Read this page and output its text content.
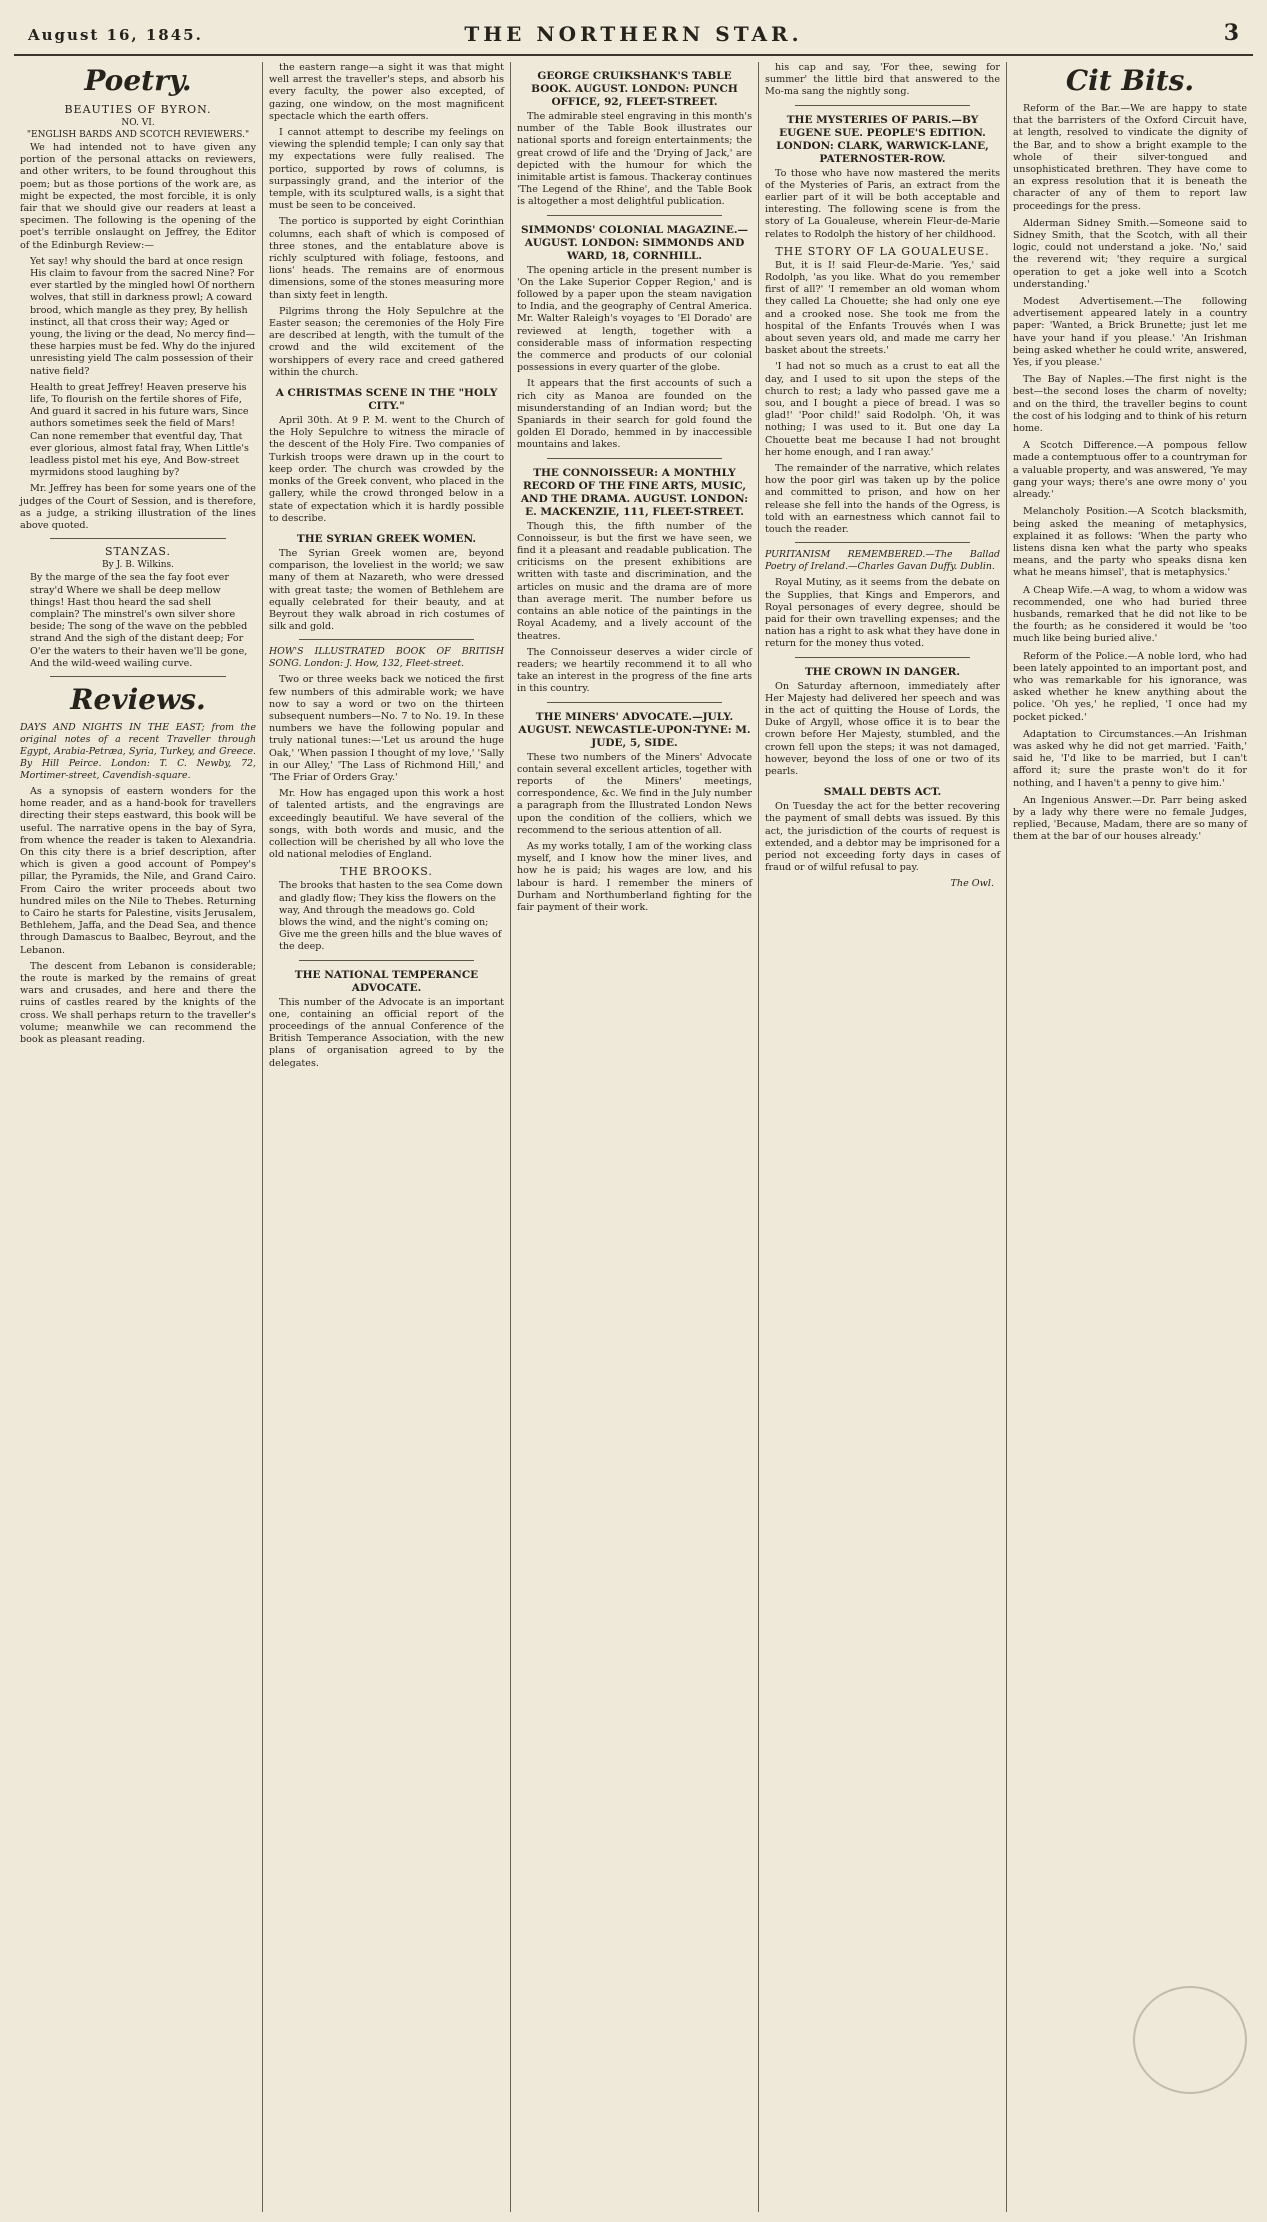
August 16, 1845.	THE NORTHERN STAR.	3
Poetry.
BEAUTIES OF BYRON.
NO. VI.
"ENGLISH BARDS AND SCOTCH REVIEWERS."

We had intended not to have given any portion of the personal attacks on reviewers, and other writers, to be found throughout this poem; but as those portions of the work are, as might be expected, the most forcible, it is only fair that we should give our readers at least a specimen. The following is the opening of the poet's terrible onslaught on Jeffrey, the Editor of the Edinburgh Review:—

Yet say! why should the bard at once resign His claim to favour from the sacred Nine? For ever startled by the mingled howl Of northern wolves, that still in darkness prowl; A coward brood, which mangle as they prey, By hellish instinct, all that cross their way; Aged or young, the living or the dead, No mercy find—these harpies must be fed. Why do the injured unresisting yield The calm possession of their native field?

Health to great Jeffrey! Heaven preserve his life, To flourish on the fertile shores of Fife, And guard it sacred in his future wars, Since authors sometimes seek the field of Mars! Can none remember that eventful day, That ever glorious, almost fatal fray, When Little's leadless pistol met his eye, And Bow-street myrmidons stood laughing by?

Mr. Jeffrey has been for some years one of the judges of the Court of Session, and is therefore, as a judge, a striking illustration of the lines above quoted.

STANZAS.
By J. B. Wilkins.

By the marge of the sea the fay foot ever stray'd Where we shall be deep mellow things! Hast thou heard the sad shell complain? The minstrel's own silver shore beside; The song of the wave on the pebbled strand And the sigh of the distant deep; For O'er the waters to their haven we'll be gone, And the wild-weed wailing curve.

Reviews.

DAYS AND NIGHTS IN THE EAST; from the original notes of a recent Traveller through Egypt, Arabia-Petræa, Syria, Turkey, and Greece. By Hill Peirce. London: T. C. Newby, 72, Mortimer-street, Cavendish-square.

As a synopsis of eastern wonders for the home reader, and as a hand-book for travellers directing their steps eastward, this book will be useful. The narrative opens in the bay of Syra, from whence the reader is taken to Alexandria. On this city there is a brief description, after which is given a good account of Pompey's pillar, the Pyramids, the Nile, and Grand Cairo. From Cairo the writer proceeds about two hundred miles on the Nile to Thebes. Returning to Cairo he starts for Palestine, visits Jerusalem, Bethlehem, Jaffa, and the Dead Sea, and thence through Damascus to Baalbec, Beyrout, and the Lebanon.

The descent from Lebanon is considerable; the route is marked by the remains of great wars and crusades, and here and there the ruins of castles reared by the knights of the cross. We shall perhaps return to the traveller's volume; meanwhile we can recommend the book as pleasant reading.

the eastern range—a sight it was that might well arrest the traveller's steps, and absorb his every faculty, the power also excepted, of gazing, one window, on the most magnificent spectacle which the earth offers.

I cannot attempt to describe my feelings on viewing the splendid temple; I can only say that my expectations were fully realised. The portico, supported by rows of columns, is surpassingly grand, and the interior of the temple, with its sculptured walls, is a sight that must be seen to be conceived.

The portico is supported by eight Corinthian columns, each shaft of which is composed of three stones, and the entablature above is richly sculptured with foliage, festoons, and lions' heads. The remains are of enormous dimensions, some of the stones measuring more than sixty feet in length.

Pilgrims throng the Holy Sepulchre at the Easter season; the ceremonies of the Holy Fire are described at length, with the tumult of the crowd and the wild excitement of the worshippers of every race and creed gathered within the church.

A CHRISTMAS SCENE IN THE "HOLY CITY."

April 30th. At 9 P. M. went to the Church of the Holy Sepulchre to witness the miracle of the descent of the Holy Fire. Two companies of Turkish troops were drawn up in the court to keep order. The church was crowded by the monks of the Greek convent, who placed in the gallery, while the crowd thronged below in a state of expectation which it is hardly possible to describe.

THE SYRIAN GREEK WOMEN.

The Syrian Greek women are, beyond comparison, the loveliest in the world; we saw many of them at Nazareth, who were dressed with great taste; the women of Bethlehem are equally celebrated for their beauty, and at Beyrout they walk abroad in rich costumes of silk and gold.

HOW'S ILLUSTRATED BOOK OF BRITISH SONG. London: J. How, 132, Fleet-street.

Two or three weeks back we noticed the first few numbers of this admirable work; we have now to say a word or two on the thirteen subsequent numbers—No. 7 to No. 19. In these numbers we have the following popular and truly national tunes:—'Let us around the huge Oak,' 'When passion I thought of my love,' 'Sally in our Alley,' 'The Lass of Richmond Hill,' and 'The Friar of Orders Gray.'

Mr. How has engaged upon this work a host of talented artists, and the engravings are exceedingly beautiful. We have several of the songs, with both words and music, and the collection will be cherished by all who love the old national melodies of England.

THE BROOKS.

The brooks that hasten to the sea Come down and gladly flow; They kiss the flowers on the way, And through the meadows go. Cold blows the wind, and the night's coming on; Give me the green hills and the blue waves of the deep.

THE NATIONAL TEMPERANCE ADVOCATE.

This number of the Advocate is an important one, containing an official report of the proceedings of the annual Conference of the British Temperance Association, with the new plans of organisation agreed to by the delegates.

GEORGE CRUIKSHANK'S TABLE BOOK. AUGUST. LONDON: PUNCH OFFICE, 92, FLEET-STREET.

The admirable steel engraving in this month's number of the Table Book illustrates our national sports and foreign entertainments; the great crowd of life and the 'Drying of Jack,' are depicted with the humour for which the inimitable artist is famous. Thackeray continues 'The Legend of the Rhine', and the Table Book is altogether a most delightful publication.

SIMMONDS' COLONIAL MAGAZINE.—AUGUST. LONDON: SIMMONDS AND WARD, 18, CORNHILL.

The opening article in the present number is 'On the Lake Superior Copper Region,' and is followed by a paper upon the steam navigation to India, and the geography of Central America. Mr. Walter Raleigh's voyages to 'El Dorado' are reviewed at length, together with a considerable mass of information respecting the commerce and products of our colonial possessions in every quarter of the globe.

It appears that the first accounts of such a rich city as Manoa are founded on the misunderstanding of an Indian word; but the Spaniards in their search for gold found the golden El Dorado, hemmed in by inaccessible mountains and lakes.

THE CONNOISSEUR: A MONTHLY RECORD OF THE FINE ARTS, MUSIC, AND THE DRAMA. AUGUST. LONDON: E. MACKENZIE, 111, FLEET-STREET.

Though this, the fifth number of the Connoisseur, is but the first we have seen, we find it a pleasant and readable publication. The criticisms on the present exhibitions are written with taste and discrimination, and the articles on music and the drama are of more than average merit. The number before us contains an able notice of the paintings in the Royal Academy, and a lively account of the theatres.

The Connoisseur deserves a wider circle of readers; we heartily recommend it to all who take an interest in the progress of the fine arts in this country.

THE MINERS' ADVOCATE.—JULY. AUGUST. NEWCASTLE-UPON-TYNE: M. JUDE, 5, SIDE.

These two numbers of the Miners' Advocate contain several excellent articles, together with reports of the Miners' meetings, correspondence, &c. We find in the July number a paragraph from the Illustrated London News upon the condition of the colliers, which we recommend to the serious attention of all.

As my works totally, I am of the working class myself, and I know how the miner lives, and how he is paid; his wages are low, and his labour is hard. I remember the miners of Durham and Northumberland fighting for the fair payment of their work.

his cap and say, 'For thee, sewing for summer' the little bird that answered to the Mo-ma sang the nightly song.

THE MYSTERIES OF PARIS.—BY EUGENE SUE. PEOPLE'S EDITION. LONDON: CLARK, WARWICK-LANE, PATERNOSTER-ROW.

To those who have now mastered the merits of the Mysteries of Paris, an extract from the earlier part of it will be both acceptable and interesting. The following scene is from the story of La Goualeuse, wherein Fleur-de-Marie relates to Rodolph the history of her childhood.

THE STORY OF LA GOUALEUSE.

But, it is I! said Fleur-de-Marie. 'Yes,' said Rodolph, 'as you like. What do you remember first of all?' 'I remember an old woman whom they called La Chouette; she had only one eye and a crooked nose. She took me from the hospital of the Enfants Trouvés when I was about seven years old, and made me carry her basket about the streets.'

'I had not so much as a crust to eat all the day, and I used to sit upon the steps of the church to rest; a lady who passed gave me a sou, and I bought a piece of bread. I was so glad!' 'Poor child!' said Rodolph. 'Oh, it was nothing; I was used to it. But one day La Chouette beat me because I had not brought her home enough, and I ran away.'

The remainder of the narrative, which relates how the poor girl was taken up by the police and committed to prison, and how on her release she fell into the hands of the Ogress, is told with an earnestness which cannot fail to touch the reader.

PURITANISM REMEMBERED.—The Ballad Poetry of Ireland.—Charles Gavan Duffy. Dublin.

Royal Mutiny, as it seems from the debate on the Supplies, that Kings and Emperors, and Royal personages of every degree, should be paid for their own travelling expenses; and the nation has a right to ask what they have done in return for the money thus voted.

THE CROWN IN DANGER.

On Saturday afternoon, immediately after Her Majesty had delivered her speech and was in the act of quitting the House of Lords, the Duke of Argyll, whose office it is to bear the crown before Her Majesty, stumbled, and the crown fell upon the steps; it was not damaged, however, beyond the loss of one or two of its pearls.

SMALL DEBTS ACT.

On Tuesday the act for the better recovering the payment of small debts was issued. By this act, the jurisdiction of the courts of request is extended, and a debtor may be imprisoned for a period not exceeding forty days in cases of fraud or of wilful refusal to pay.

The Owl.
Cit Bits.

Reform of the Bar.—We are happy to state that the barristers of the Oxford Circuit have, at length, resolved to vindicate the dignity of the Bar, and to show a bright example to the whole of their silver-tongued and unsophisticated brethren. They have come to an express resolution that it is beneath the character of any of them to report law proceedings for the press.

Alderman Sidney Smith.—Someone said to Sidney Smith, that the Scotch, with all their logic, could not understand a joke. 'No,' said the reverend wit; 'they require a surgical operation to get a joke well into a Scotch understanding.'

Modest Advertisement.—The following advertisement appeared lately in a country paper: 'Wanted, a Brick Brunette; just let me have your hand if you please.' 'An Irishman being asked whether he could write, answered, Yes, if you please.'

The Bay of Naples.—The first night is the best—the second loses the charm of novelty; and on the third, the traveller begins to count the cost of his lodging and to think of his return home.

A Scotch Difference.—A pompous fellow made a contemptuous offer to a countryman for a valuable property, and was answered, 'Ye may gang your ways; there's ane owre mony o' you already.'

Melancholy Position.—A Scotch blacksmith, being asked the meaning of metaphysics, explained it as follows: 'When the party who listens disna ken what the party who speaks means, and the party who speaks disna ken what he means himsel', that is metaphysics.'

A Cheap Wife.—A wag, to whom a widow was recommended, one who had buried three husbands, remarked that he did not like to be the fourth; as he considered it would be 'too much like being buried alive.'

Reform of the Police.—A noble lord, who had been lately appointed to an important post, and who was remarkable for his ignorance, was asked whether he knew anything about the police. 'Oh yes,' he replied, 'I once had my pocket picked.'

Adaptation to Circumstances.—An Irishman was asked why he did not get married. 'Faith,' said he, 'I'd like to be married, but I can't afford it; sure the praste won't do it for nothing, and I haven't a penny to give him.'

An Ingenious Answer.—Dr. Parr being asked by a lady why there were no female Judges, replied, 'Because, Madam, there are so many of them at the bar of our houses already.'
